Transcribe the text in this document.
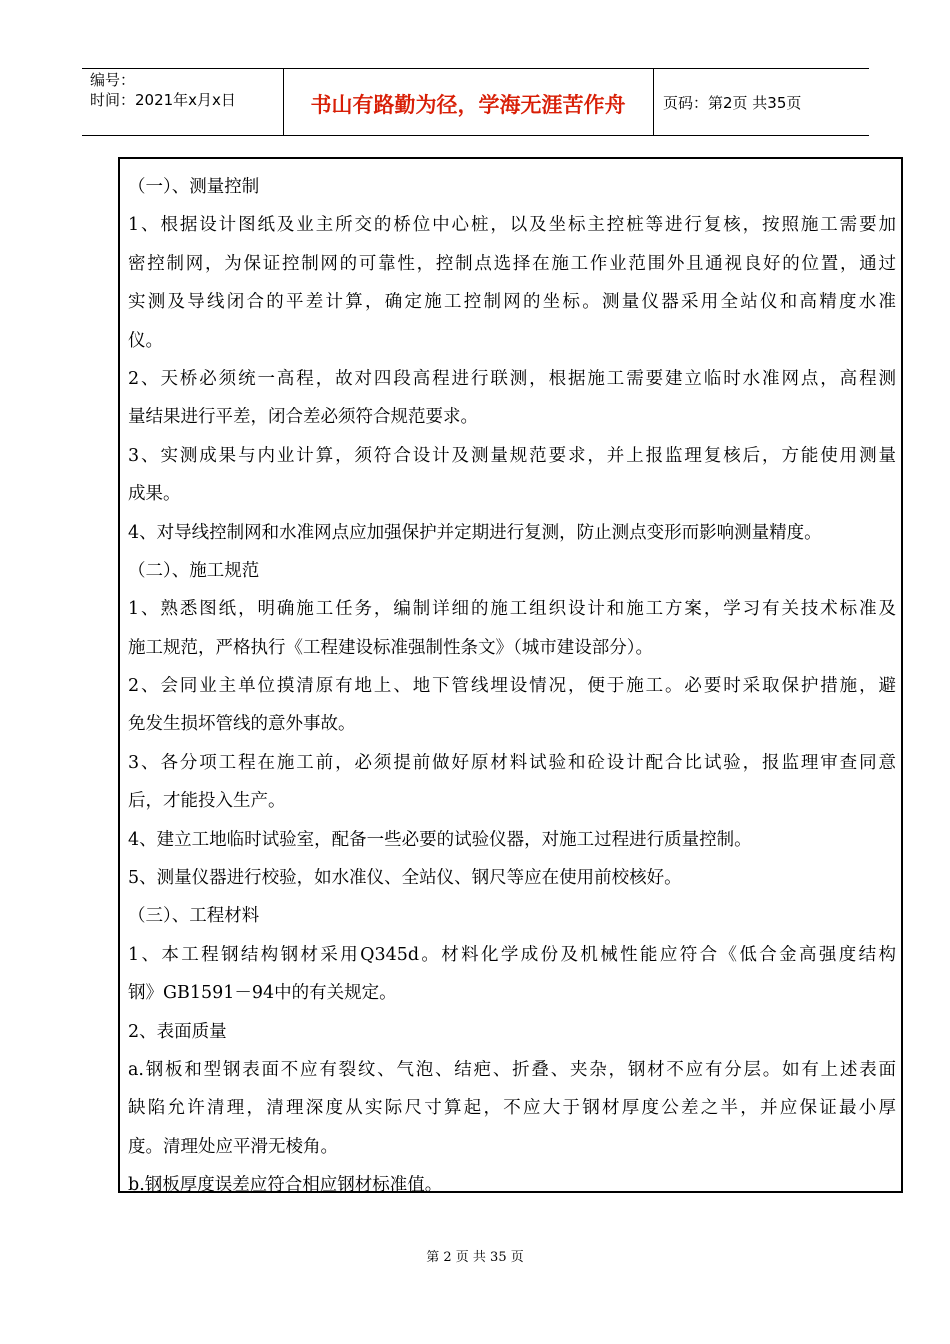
编号：
时间：2021年x月x日	书山有路勤为径，学海无涯苦作舟	页码：第2页 共35页
（一）、测量控制
1、根据设计图纸及业主所交的桥位中心桩，以及坐标主控桩等进行复核，按照施工需要加
密控制网，为保证控制网的可靠性，控制点选择在施工作业范围外且通视良好的位置，通过
实测及导线闭合的平差计算，确定施工控制网的坐标。测量仪器采用全站仪和高精度水准
仪。
2、天桥必须统一高程，故对四段高程进行联测，根据施工需要建立临时水准网点，高程测
量结果进行平差，闭合差必须符合规范要求。
3、实测成果与内业计算，须符合设计及测量规范要求，并上报监理复核后，方能使用测量
成果。
4、对导线控制网和水准网点应加强保护并定期进行复测，防止测点变形而影响测量精度。
（二）、施工规范
1、熟悉图纸，明确施工任务，编制详细的施工组织设计和施工方案，学习有关技术标准及
施工规范，严格执行《工程建设标准强制性条文》（城市建设部分）。
2、会同业主单位摸清原有地上、地下管线埋设情况，便于施工。必要时采取保护措施，避
免发生损坏管线的意外事故。
3、各分项工程在施工前，必须提前做好原材料试验和砼设计配合比试验，报监理审查同意
后，才能投入生产。
4、建立工地临时试验室，配备一些必要的试验仪器，对施工过程进行质量控制。
5、测量仪器进行校验，如水准仪、全站仪、钢尺等应在使用前校核好。
（三）、工程材料
1、本工程钢结构钢材采用Q345d。材料化学成份及机械性能应符合《低合金高强度结构
钢》GB1591－94中的有关规定。
2、表面质量
a.钢板和型钢表面不应有裂纹、气泡、结疤、折叠、夹杂，钢材不应有分层。如有上述表面
缺陷允许清理，清理深度从实际尺寸算起，不应大于钢材厚度公差之半，并应保证最小厚
度。清理处应平滑无棱角。
b.钢板厚度误差应符合相应钢材标准值。
第 2 页 共 35 页
